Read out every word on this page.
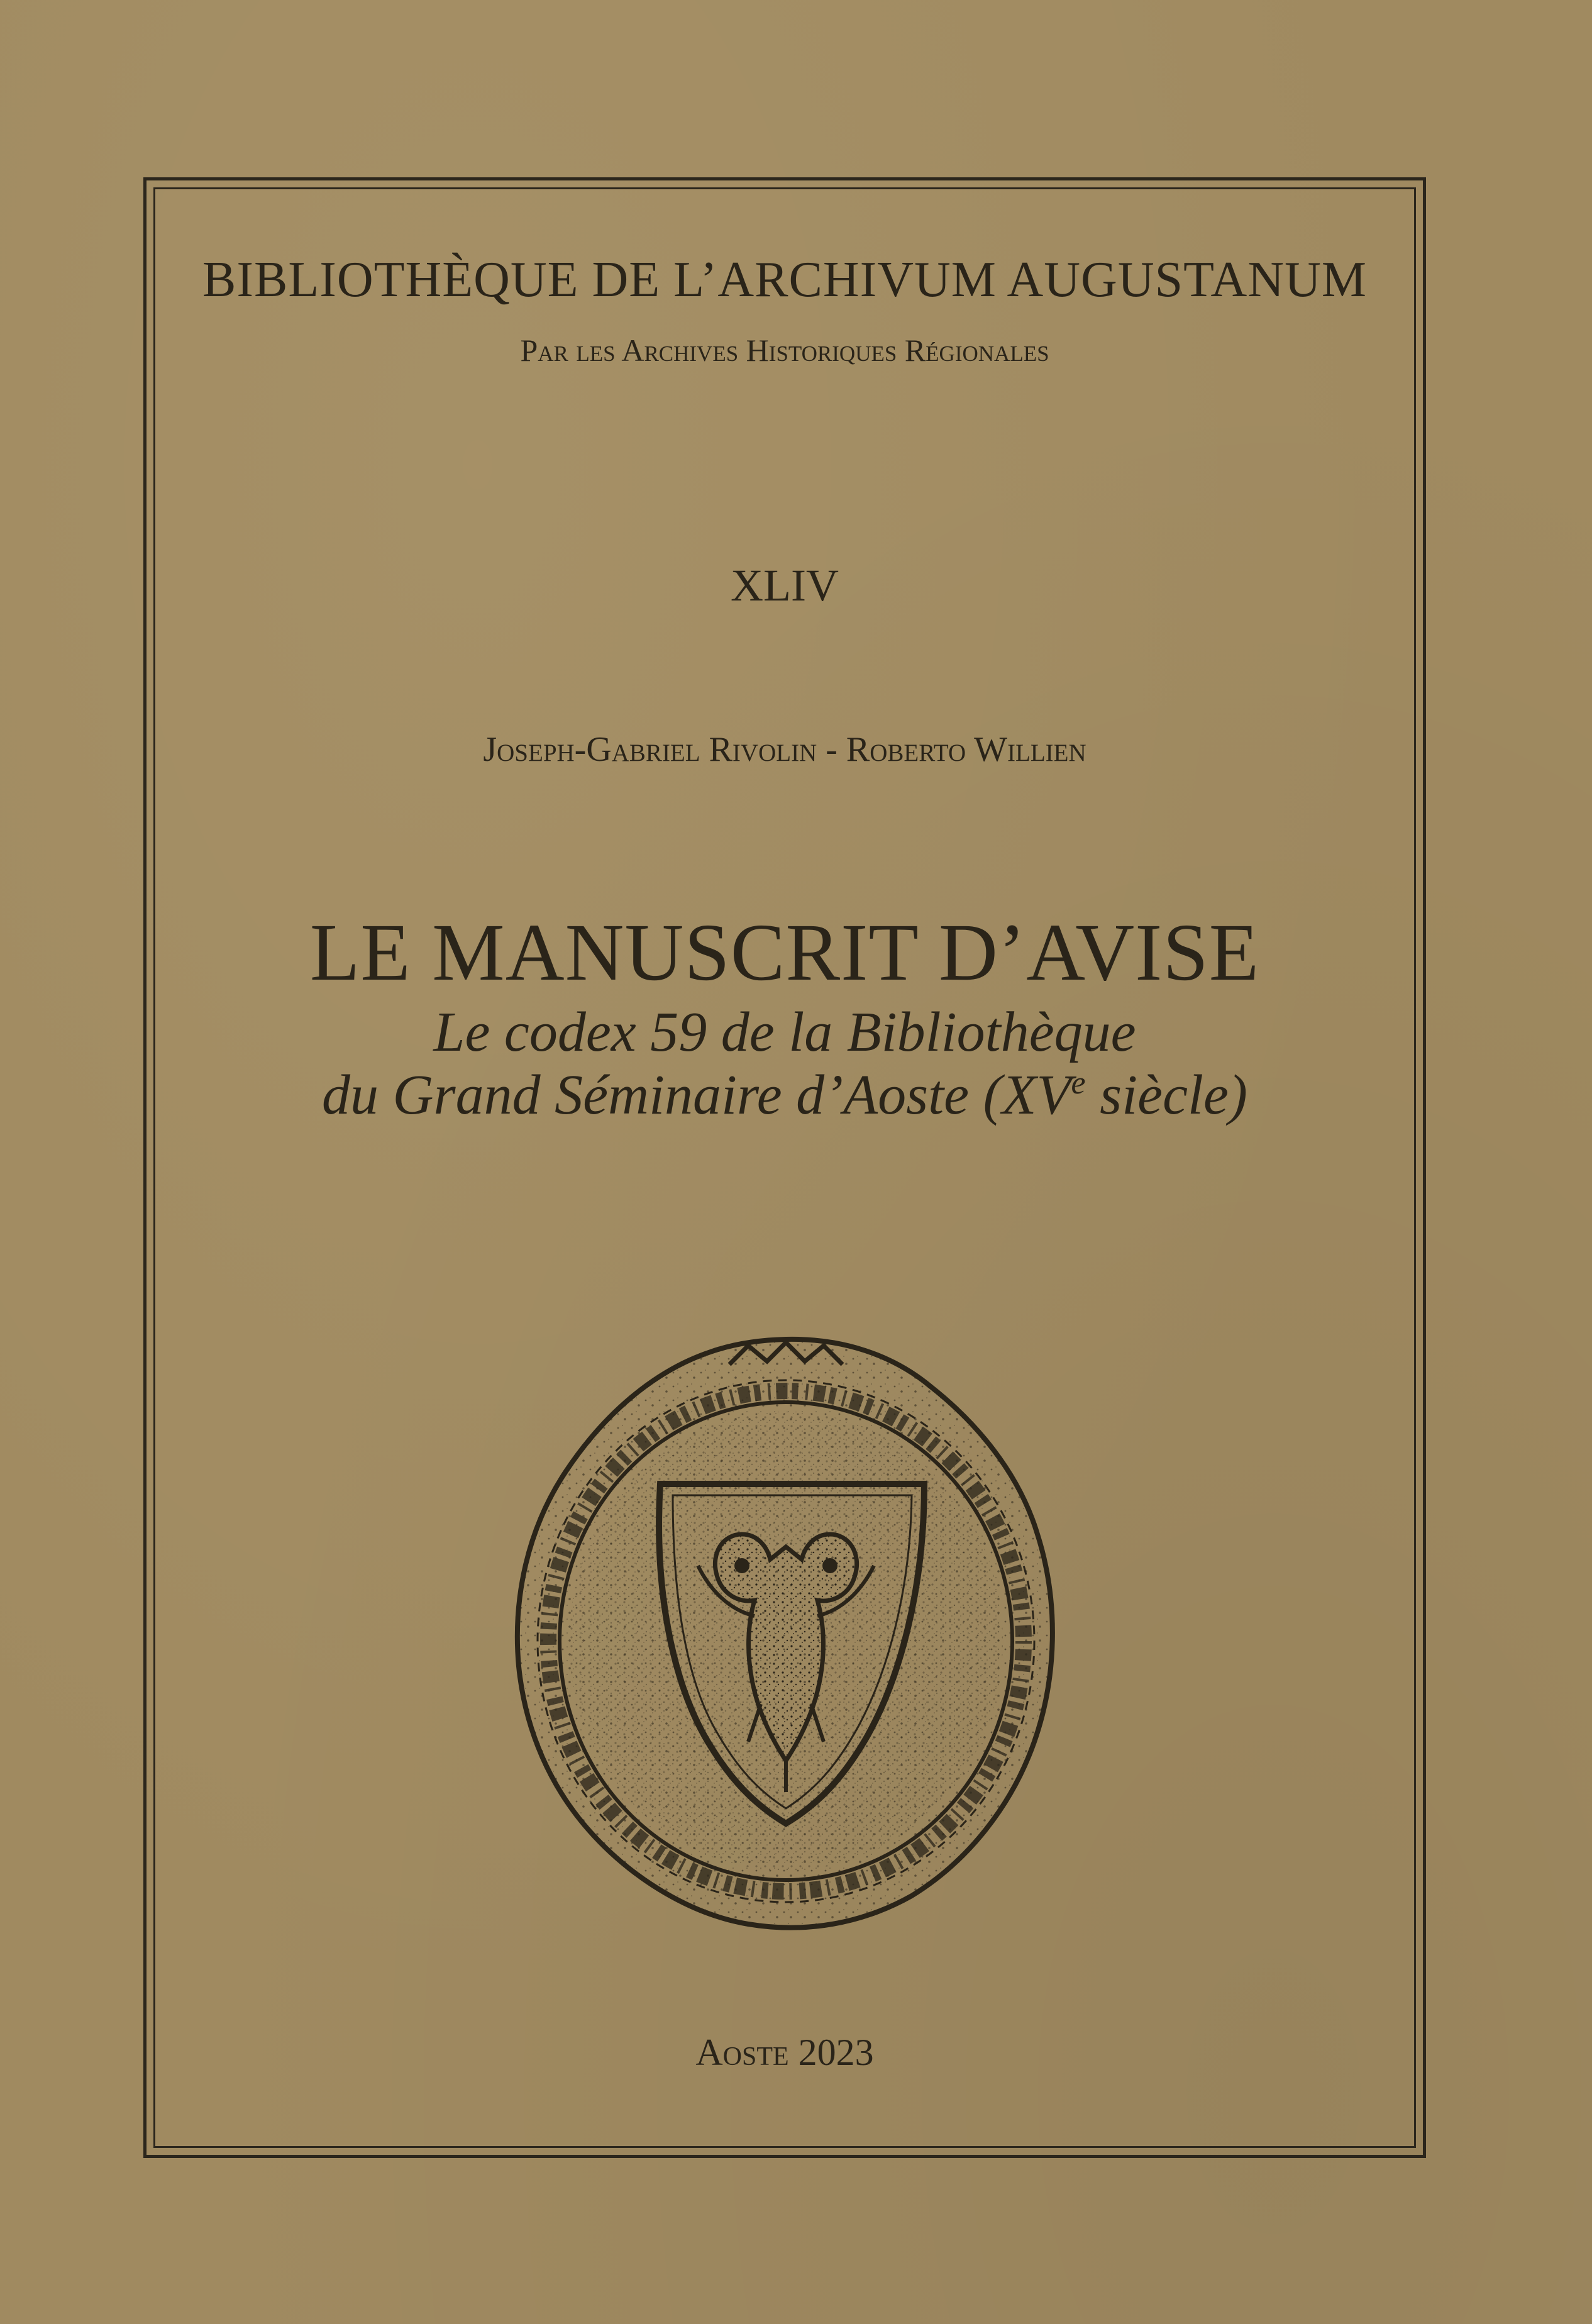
BIBLIOTHÈQUE DE L’ARCHIVUM AUGUSTANUM
Par les Archives Historiques Régionales
XLIV
Joseph-Gabriel Rivolin - Roberto Willien
LE MANUSCRIT D’AVISE
Le codex 59 de la Bibliothèque
du Grand Séminaire d’Aoste (XVe siècle)
Aoste 2023
